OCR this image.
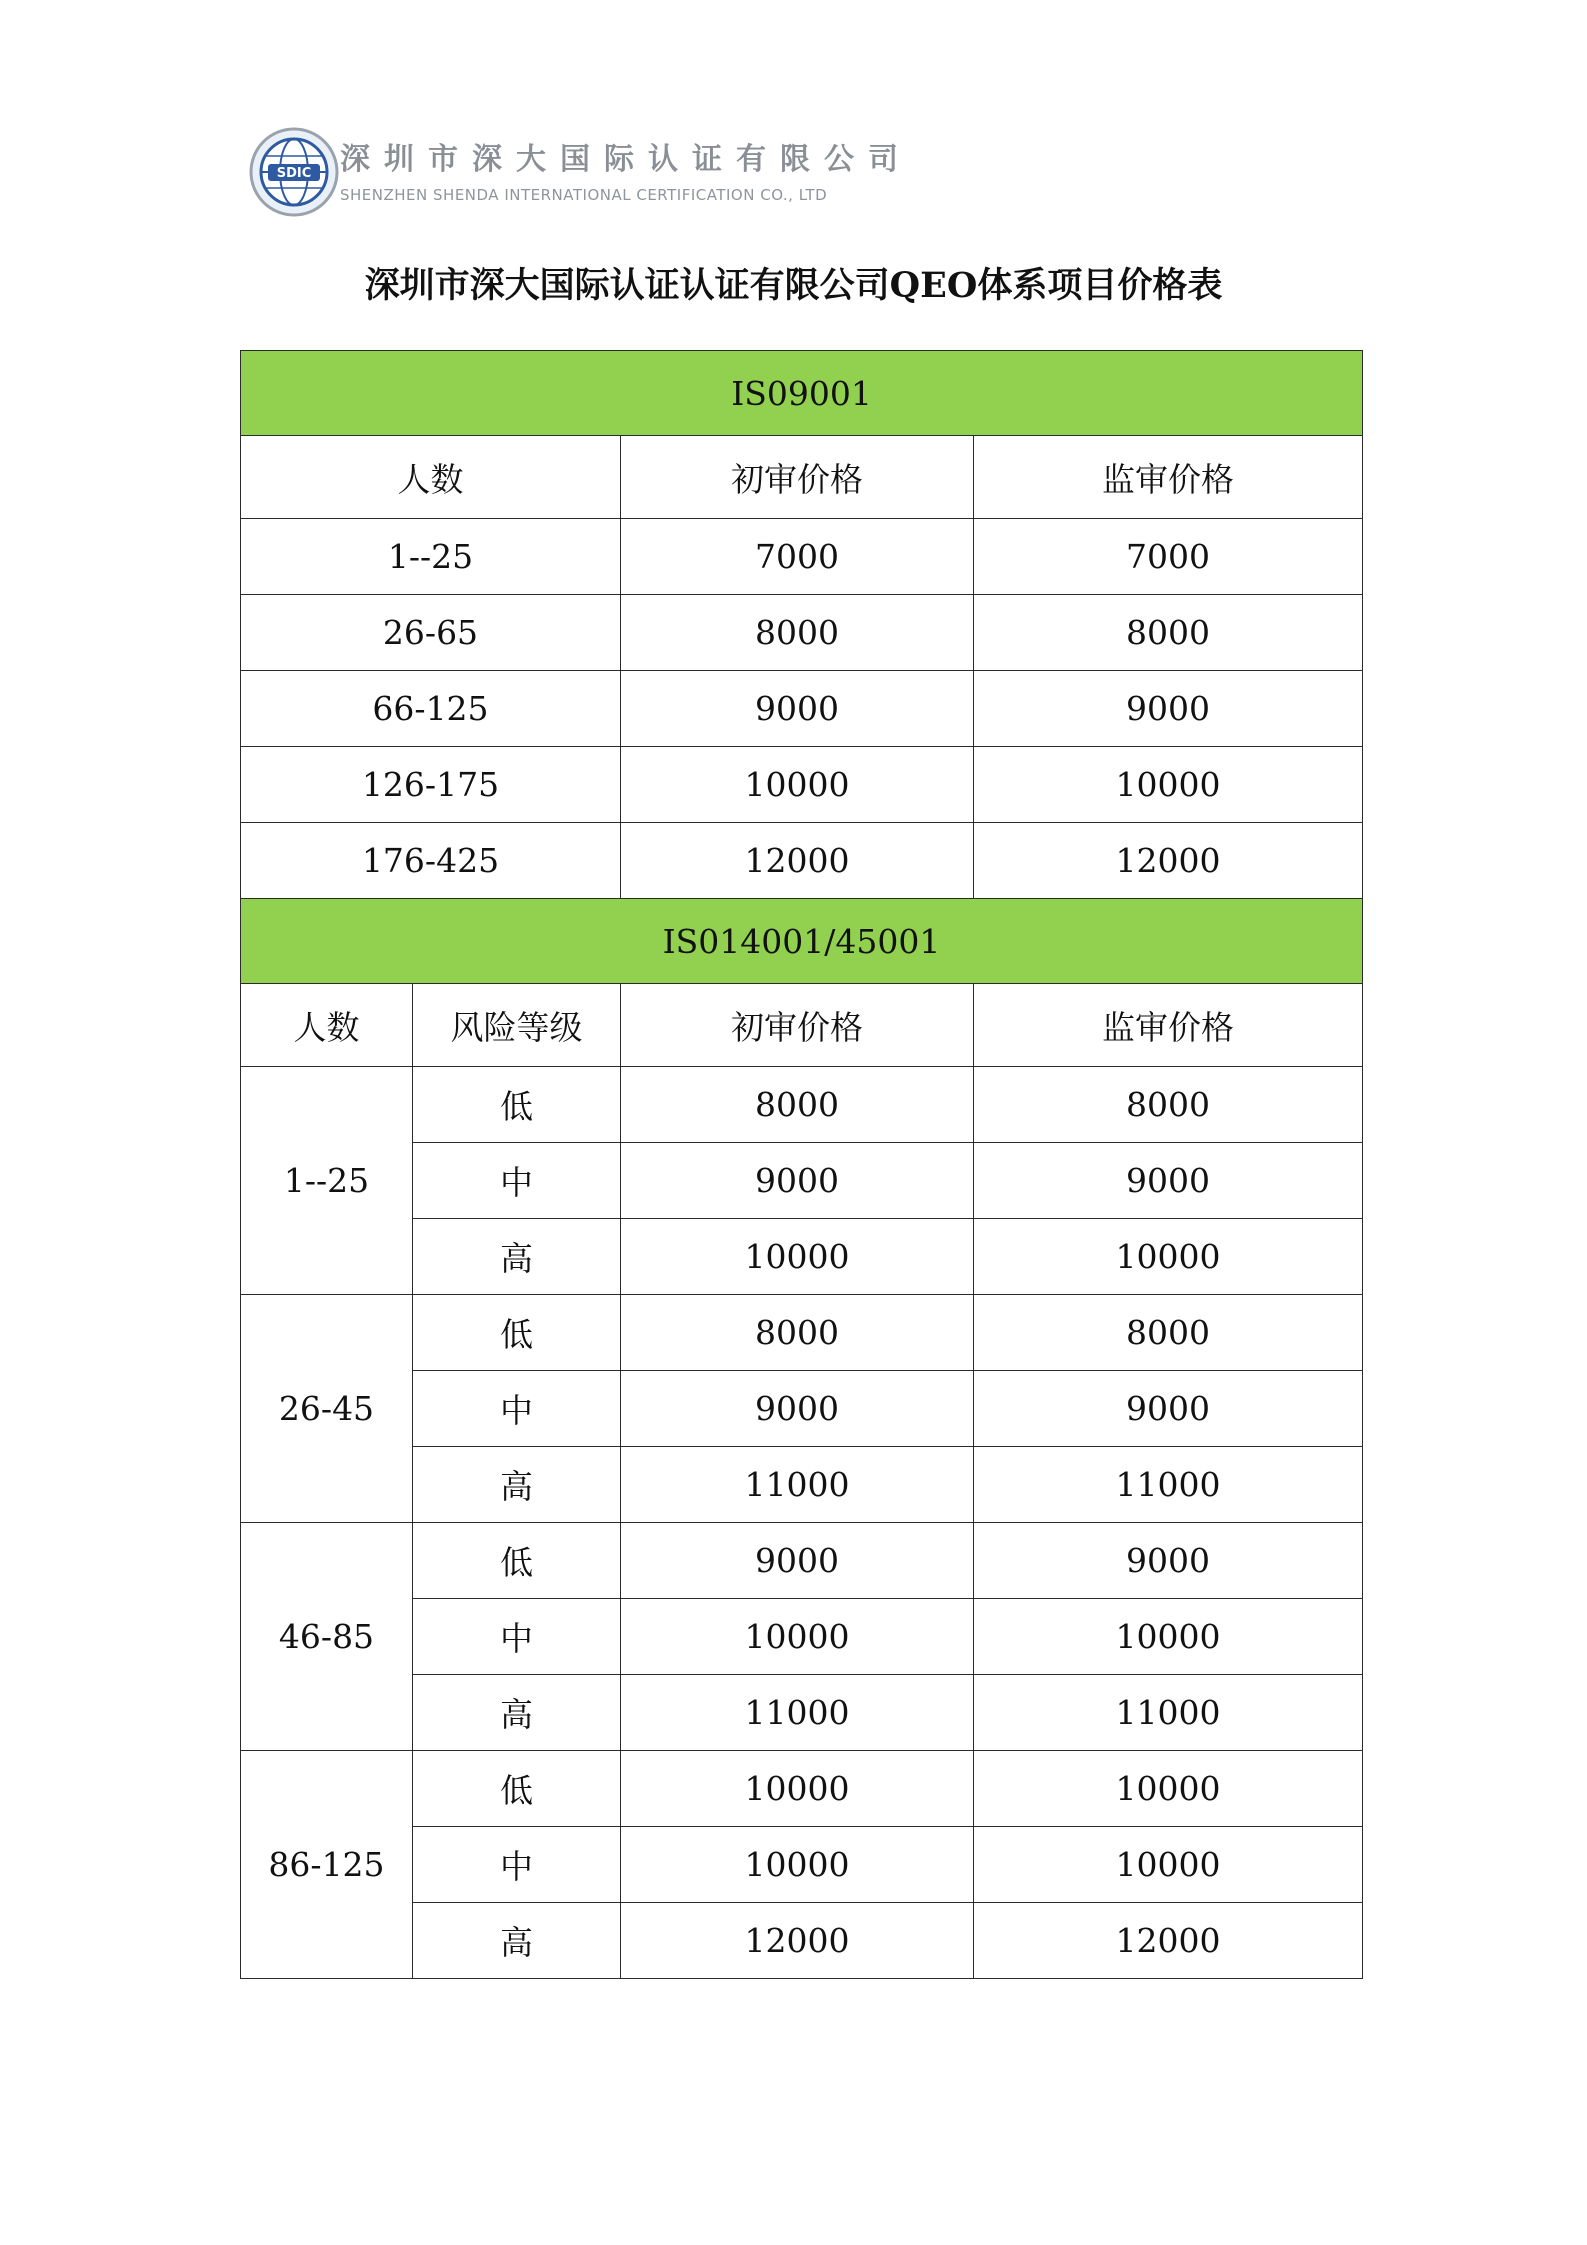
SDIC 深圳市深大国际认证有限公司
SHENZHEN SHENDA INTERNATIONAL CERTIFICATION CO., LTD
深圳市深大国际认证认证有限公司QEO体系项目价格表
IS09001			
人数		初审价格	监审价格
1--25		7000	7000
26-65		8000	8000
66-125		9000	9000
126-175		10000	10000
176-425		12000	12000
IS014001/45001			
人数	风险等级	初审价格	监审价格
1--25	低	8000	8000
	中	9000	9000
	高	10000	10000
26-45	低	8000	8000
	中	9000	9000
	高	11000	11000
46-85	低	9000	9000
	中	10000	10000
	高	11000	11000
86-125	低	10000	10000
	中	10000	10000
	高	12000	12000
